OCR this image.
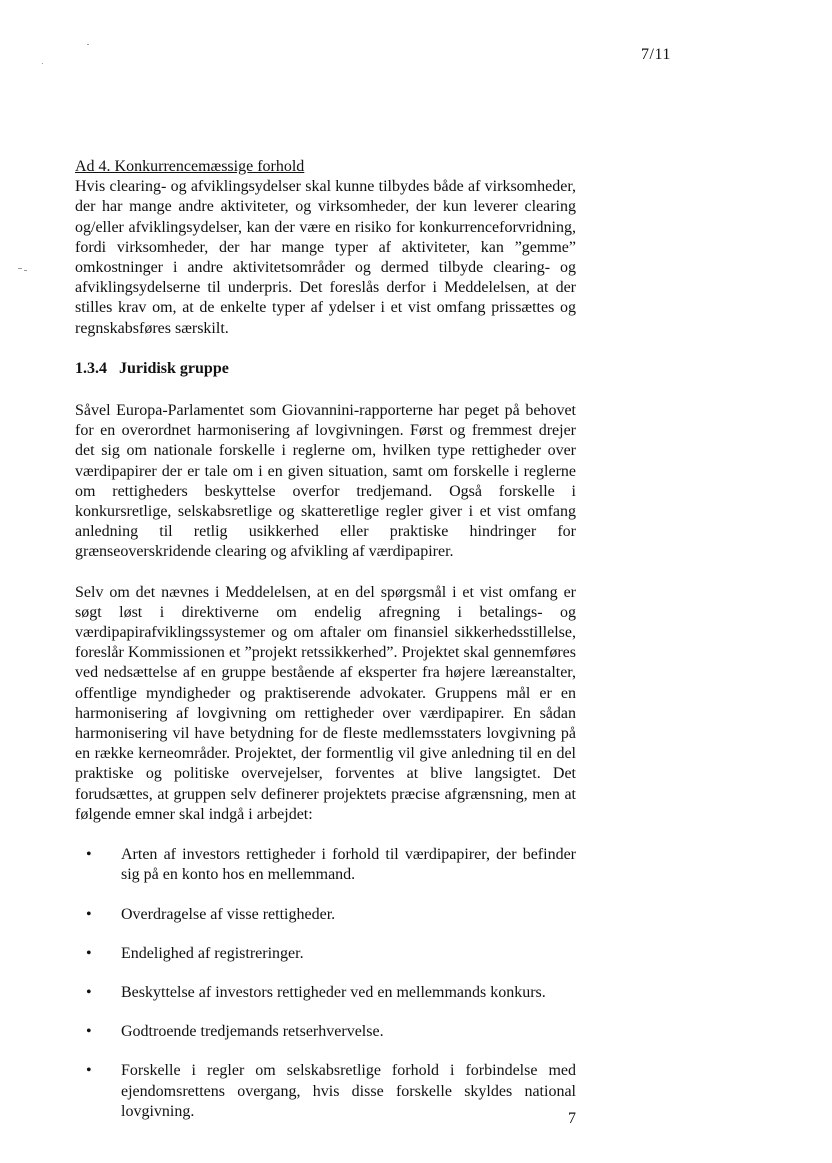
7/11

Ad 4. Konkurrencemæssige forhold
Hvis clearing- og afviklingsydelser skal kunne tilbydes både af virksomheder, der har mange andre aktiviteter, og virksomheder, der kun leverer clearing og/eller afviklingsydelser, kan der være en risiko for konkurrenceforvridning, fordi virksomheder, der har mange typer af aktiviteter, kan ”gemme” omkostninger i andre aktivitetsområder og dermed tilbyde clearing- og afviklingsydelserne til underpris. Det foreslås derfor i Meddelelsen, at der stilles krav om, at de enkelte typer af ydelser i et vist omfang prissættes og regnskabsføres særskilt.

1.3.4 Juridisk gruppe

Såvel Europa-Parlamentet som Giovannini-rapporterne har peget på behovet for en overordnet harmonisering af lovgivningen. Først og fremmest drejer det sig om nationale forskelle i reglerne om, hvilken type rettigheder over værdipapirer der er tale om i en given situation, samt om forskelle i reglerne om rettigheders beskyttelse overfor tredjemand. Også forskelle i konkursretlige, selskabsretlige og skatteretlige regler giver i et vist omfang anledning til retlig usikkerhed eller praktiske hindringer for grænseoverskridende clearing og afvikling af værdipapirer.

Selv om det nævnes i Meddelelsen, at en del spørgsmål i et vist omfang er søgt løst i direktiverne om endelig afregning i betalings- og værdipapirafviklingssystemer og om aftaler om finansiel sikkerhedsstillelse, foreslår Kommissionen et ”projekt retssikkerhed”. Projektet skal gennemføres ved nedsættelse af en gruppe bestående af eksperter fra højere læreanstalter, offentlige myndigheder og praktiserende advokater. Gruppens mål er en harmonisering af lovgivning om rettigheder over værdipapirer. En sådan harmonisering vil have betydning for de fleste medlemsstaters lovgivning på en række kerneområder. Projektet, der formentlig vil give anledning til en del praktiske og politiske overvejelser, forventes at blive langsigtet. Det forudsættes, at gruppen selv definerer projektets præcise afgrænsning, men at følgende emner skal indgå i arbejdet:

• Arten af investors rettigheder i forhold til værdipapirer, der befinder sig på en konto hos en mellemmand.
• Overdragelse af visse rettigheder.
• Endelighed af registreringer.
• Beskyttelse af investors rettigheder ved en mellemmands konkurs.
• Godtroende tredjemands retserhvervelse.
• Forskelle i regler om selskabsretlige forhold i forbindelse med ejendomsrettens overgang, hvis disse forskelle skyldes national lovgivning.	7
